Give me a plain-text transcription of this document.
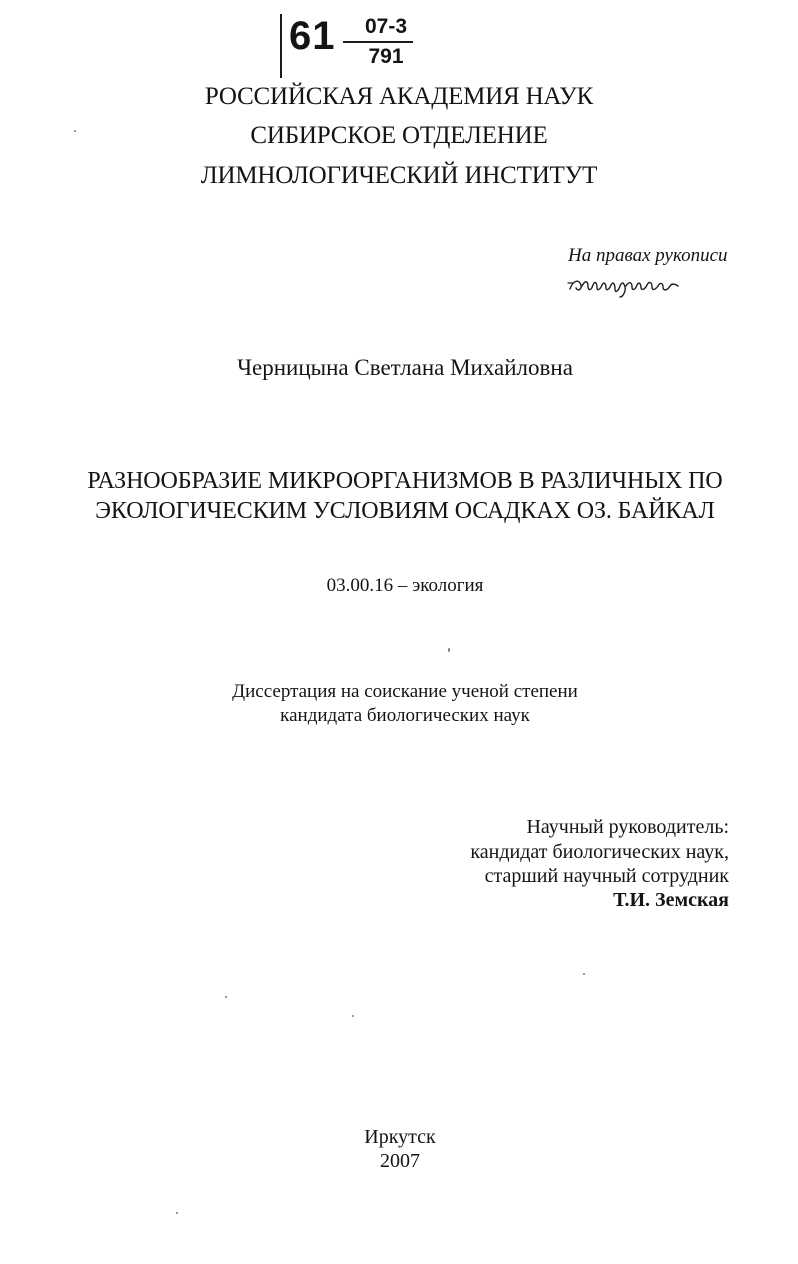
61	07-3
791
РОССИЙСКАЯ АКАДЕМИЯ НАУК
СИБИРСКОЕ ОТДЕЛЕНИЕ
ЛИМНОЛОГИЧЕСКИЙ ИНСТИТУТ
На правах рукописи
Черницына Светлана Михайловна
РАЗНООБРАЗИЕ МИКРООРГАНИЗМОВ В РАЗЛИЧНЫХ ПО
ЭКОЛОГИЧЕСКИМ УСЛОВИЯМ ОСАДКАХ ОЗ. БАЙКАЛ
03.00.16 – экология
Диссертация на соискание ученой степени
кандидата биологических наук
Научный руководитель:
кандидат биологических наук,
старший научный сотрудник
Т.И. Земская
Иркутск
2007
